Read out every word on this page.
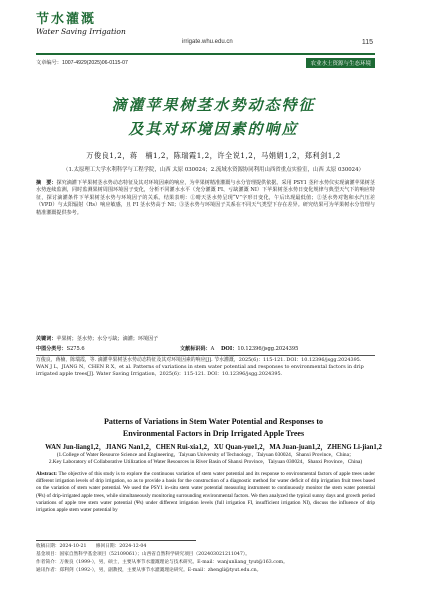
节水灌溉
Water Saving Irrigation
irrigate.whu.edu.cn	115
文章编号：1007-4929(2025)06-0115-07	农业水土资源与生态环境
滴灌苹果树茎水势动态特征
及其对环境因素的响应
万俊良1,2，蒋　楠1,2，陈瑞霞1,2，许全说1,2，马娟娟1,2，郑利剑1,2
（1.太原理工大学水利科学与工程学院，山西 太原 030024；2.流域水资源协同利用山西省重点实验室，山西 太原 030024）
摘　要：探究滴灌下苹果树茎水势动态特征及其对环境因素的响应，为苹果树精准灌溉与水分管理提供依据。采用 PSY1 茎秆水势仪实现滴灌苹果树茎水势连续监测，同时监测果树周围环境因子变化，分析不同灌水水平（充分灌溉 FI、亏缺灌溉 NI）下苹果树茎水势日变化规律与典型天气下的响应特征，探讨滴灌条件下苹果树茎水势与环境因子的关系。结果表明：①晴天茎水势呈现“V”字形日变化，午后出现最低值；②茎水势对饱和水汽压差（VPD）与太阳辐射（Rs）响应敏感，且 FI 茎水势高于 NI；③茎水势与环境因子关系在不同天气类型下存在差异。研究结果可为苹果树水分管理与精准灌溉提供参考。
关键词：苹果树；茎水势；水分亏缺；滴灌；环境因子
中图分类号：S275.6	文献标识码：A   DOI：10.12396/jsgg.2024395
万俊良，蒋楠，陈瑞霞，等. 滴灌苹果树茎水势动态特征及其对环境因素的响应[J]. 节水灌溉，2025(6)：115-121. DOI：10.12396/jsgg.2024395.
WAN J L，JIANG N，CHEN R X，et al. Patterns of variations in stem water potential and responses to environmental factors in drip irrigated apple trees[J]. Water Saving Irrigation，2025(6)：115-121. DOI：10.12396/jsgg.2024395.
Patterns of Variations in Stem Water Potential and Responses to
Environmental Factors in Drip Irrigated Apple Trees
WAN Jun-liang1,2，JIANG Nan1,2，CHEN Rui-xia1,2，XU Quan-yue1,2，MA Juan-juan1,2，ZHENG Li-jian1,2
(1.College of Water Resource Science and Engineering，Taiyuan University of Technology，Taiyuan 030024，Shanxi Province，China；
2.Key Laboratory of Collaborative Utilization of Water Resources in River Basin of Shanxi Province，Taiyuan 030024，Shanxi Province，China)
Abstract: The objective of this study is to explore the continuous variation of stem water potential and its response to environmental factors of apple trees under different irrigation levels of drip irrigation, so as to provide a basis for the construction of a diagnostic method for water deficit of drip irrigation fruit trees based on the variation of stem water potential. We used the PSY1 in-situ stem water potential measuring instrument to continuously monitor the stem water potential (Ψs) of drip-irrigated apple trees, while simultaneously monitoring surrounding environmental factors. We then analyzed the typical sunny days and growth period variations of apple tree stem water potential (Ψs) under different irrigation levels (full irrigation FI, insufficient irrigation NI), discuss the influence of drip irrigation apple stem water potential by
收稿日期：2024-10-21　　修回日期：2024-12-04
基金项目：国家自然科学基金项目（52109061）；山西省自然科学研究项目（202403021211047）。
作者简介：万俊良（1999-），男，硕士，主要从事节水灌溉理论与技术研究。E-mail：wanjunliang_tyut@163.com。
通讯作者：郑利剑（1992-），男，副教授，主要从事节水灌溉理论研究。E-mail：zhengli@tyut.edu.cn。
